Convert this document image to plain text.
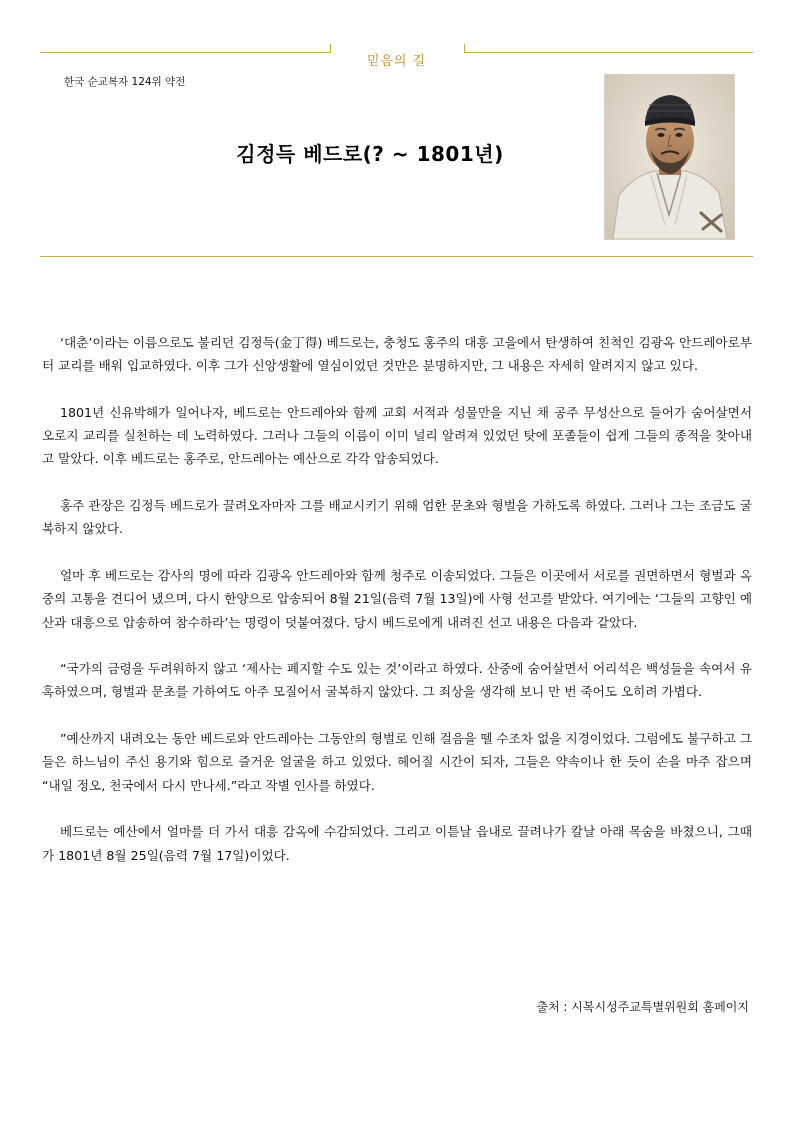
믿음의 길
한국 순교복자 124위 약전
김정득 베드로(? ~ 1801년)

‘대춘’이라는 이름으로도 불리던 김정득(金丁得) 베드로는, 충청도 홍주의 대흥 고을에서 탄생하여 친척인 김광옥 안드레아로부터 교리를 배워 입교하였다. 이후 그가 신앙생활에 열심이었던 것만은 분명하지만, 그 내용은 자세히 알려지지 않고 있다.

1801년 신유박해가 일어나자, 베드로는 안드레아와 함께 교회 서적과 성물만을 지닌 채 공주 무성산으로 들어가 숨어살면서 오로지 교리를 실천하는 데 노력하였다. 그러나 그들의 이름이 이미 널리 알려져 있었던 탓에 포졸들이 쉽게 그들의 종적을 찾아내고 말았다. 이후 베드로는 홍주로, 안드레아는 예산으로 각각 압송되었다.

홍주 관장은 김정득 베드로가 끌려오자마자 그를 배교시키기 위해 엄한 문초와 형벌을 가하도록 하였다. 그러나 그는 조금도 굴복하지 않았다.

얼마 후 베드로는 감사의 명에 따라 김광옥 안드레아와 함께 청주로 이송되었다. 그들은 이곳에서 서로를 권면하면서 형벌과 옥중의 고통을 견디어 냈으며, 다시 한양으로 압송되어 8월 21일(음력 7월 13일)에 사형 선고를 받았다. 여기에는 ‘그들의 고향인 예산과 대흥으로 압송하여 참수하라’는 명령이 덧붙여졌다. 당시 베드로에게 내려진 선고 내용은 다음과 같았다.

“국가의 금령을 두려워하지 않고 ‘제사는 폐지할 수도 있는 것’이라고 하였다. 산중에 숨어살면서 어리석은 백성들을 속여서 유혹하였으며, 형벌과 문초를 가하여도 아주 모질어서 굴복하지 않았다. 그 죄상을 생각해 보니 만 번 죽어도 오히려 가볍다.

”예산까지 내려오는 동안 베드로와 안드레아는 그동안의 형벌로 인해 걸음을 뗄 수조차 없을 지경이었다. 그럼에도 불구하고 그들은 하느님이 주신 용기와 힘으로 즐거운 얼굴을 하고 있었다. 헤어질 시간이 되자, 그들은 약속이나 한 듯이 손을 마주 잡으며 “내일 정오, 천국에서 다시 만나세.”라고 작별 인사를 하였다.

베드로는 예산에서 얼마를 더 가서 대흥 감옥에 수감되었다. 그리고 이튿날 읍내로 끌려나가 칼날 아래 목숨을 바쳤으니, 그때가 1801년 8월 25일(음력 7월 17일)이었다.

출처 : 시복시성주교특별위원회 홈페이지
